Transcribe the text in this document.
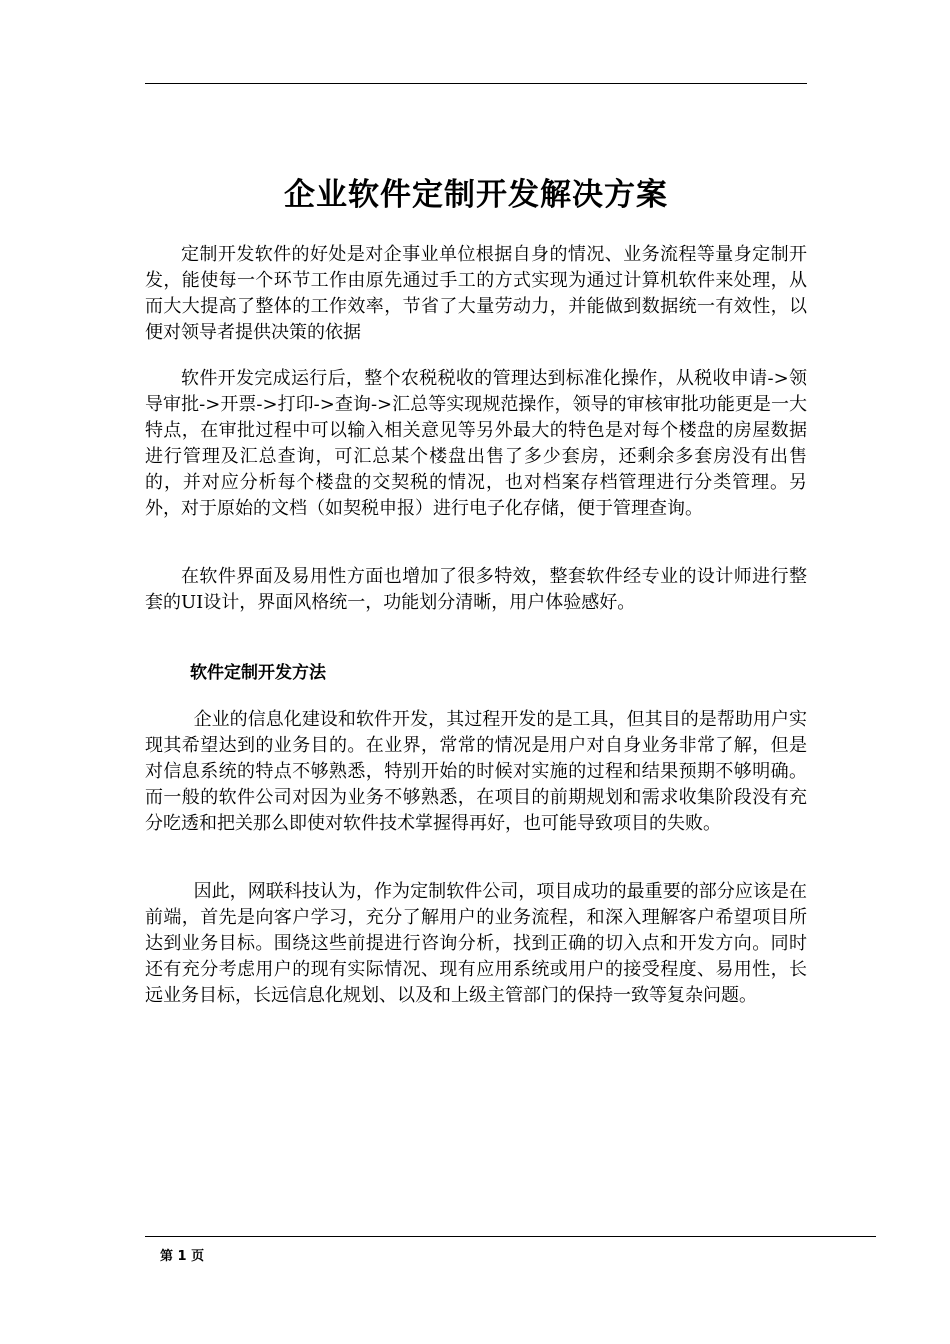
企业软件定制开发解决方案

定制开发软件的好处是对企事业单位根据自身的情况、业务流程等量身定制开发，能使每一个环节工作由原先通过手工的方式实现为通过计算机软件来处理，从而大大提高了整体的工作效率，节省了大量劳动力，并能做到数据统一有效性，以便对领导者提供决策的依据

软件开发完成运行后，整个农税税收的管理达到标准化操作，从税收申请->领导审批->开票->打印->查询->汇总等实现规范操作，领导的审核审批功能更是一大特点，在审批过程中可以输入相关意见等另外最大的特色是对每个楼盘的房屋数据进行管理及汇总查询，可汇总某个楼盘出售了多少套房，还剩余多套房没有出售的，并对应分析每个楼盘的交契税的情况，也对档案存档管理进行分类管理。另外，对于原始的文档（如契税申报）进行电子化存储，便于管理查询。

在软件界面及易用性方面也增加了很多特效，整套软件经专业的设计师进行整套的UI设计，界面风格统一，功能划分清晰，用户体验感好。

软件定制开发方法

企业的信息化建设和软件开发，其过程开发的是工具，但其目的是帮助用户实现其希望达到的业务目的。在业界，常常的情况是用户对自身业务非常了解，但是对信息系统的特点不够熟悉，特别开始的时候对实施的过程和结果预期不够明确。而一般的软件公司对因为业务不够熟悉，在项目的前期规划和需求收集阶段没有充分吃透和把关那么即使对软件技术掌握得再好，也可能导致项目的失败。

因此，网联科技认为，作为定制软件公司，项目成功的最重要的部分应该是在前端，首先是向客户学习，充分了解用户的业务流程，和深入理解客户希望项目所达到业务目标。围绕这些前提进行咨询分析，找到正确的切入点和开发方向。同时还有充分考虑用户的现有实际情况、现有应用系统或用户的接受程度、易用性，长远业务目标，长远信息化规划、以及和上级主管部门的保持一致等复杂问题。

第 1 页
